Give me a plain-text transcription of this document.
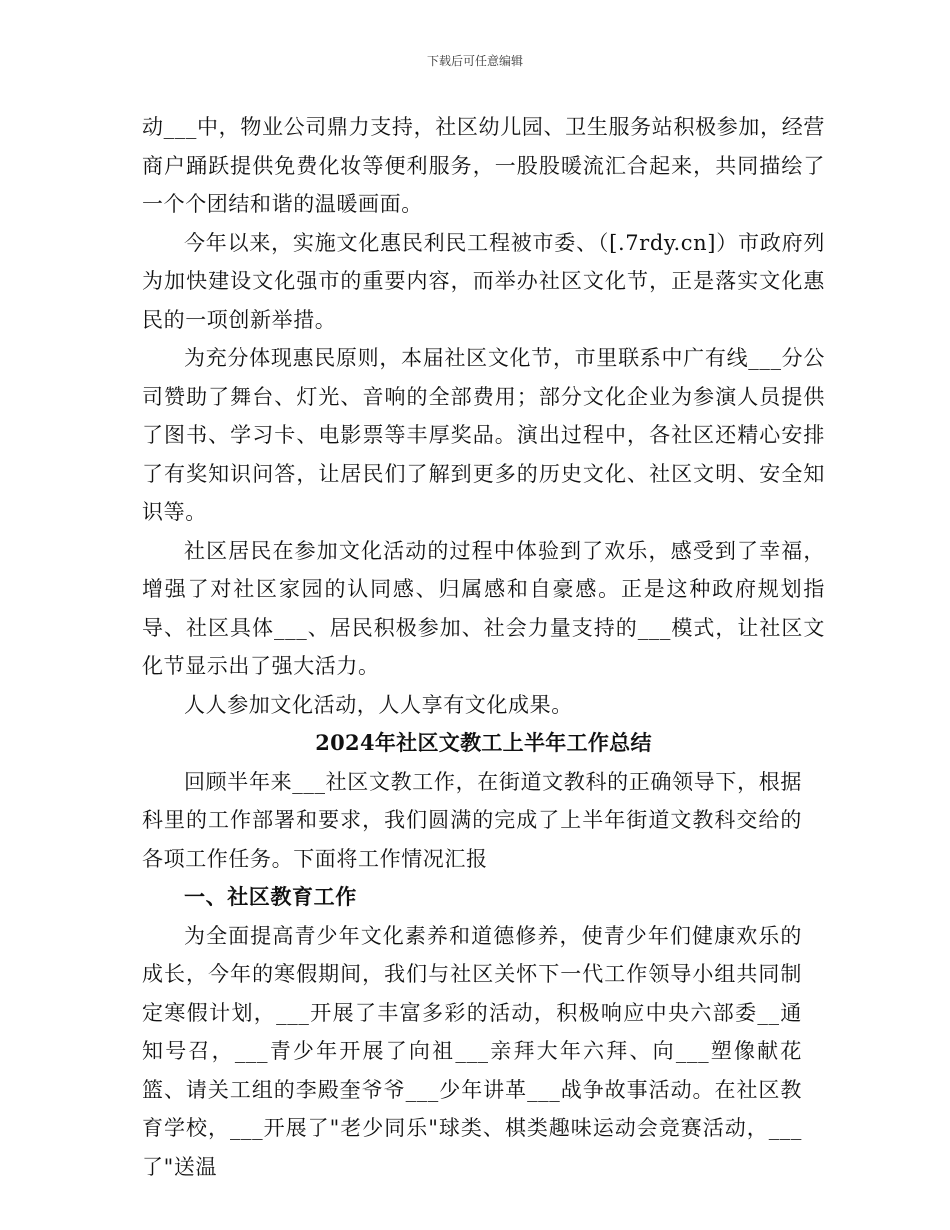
下载后可任意编辑

动___中，物业公司鼎力支持，社区幼儿园、卫生服务站积极参加，经营商户踊跃提供免费化妆等便利服务，一股股暖流汇合起来，共同描绘了一个个团结和谐的温暖画面。

今年以来，实施文化惠民利民工程被市委、（[.7rdy.cn]）市政府列为加快建设文化强市的重要内容，而举办社区文化节，正是落实文化惠民的一项创新举措。

为充分体现惠民原则，本届社区文化节，市里联系中广有线___分公司赞助了舞台、灯光、音响的全部费用；部分文化企业为参演人员提供了图书、学习卡、电影票等丰厚奖品。演出过程中，各社区还精心安排了有奖知识问答，让居民们了解到更多的历史文化、社区文明、安全知识等。

社区居民在参加文化活动的过程中体验到了欢乐，感受到了幸福，增强了对社区家园的认同感、归属感和自豪感。正是这种政府规划指导、社区具体___、居民积极参加、社会力量支持的___模式，让社区文化节显示出了强大活力。

人人参加文化活动，人人享有文化成果。

2024年社区文教工上半年工作总结

回顾半年来___社区文教工作，在街道文教科的正确领导下，根据科里的工作部署和要求，我们圆满的完成了上半年街道文教科交给的各项工作任务。下面将工作情况汇报

一、社区教育工作

为全面提高青少年文化素养和道德修养，使青少年们健康欢乐的成长，今年的寒假期间，我们与社区关怀下一代工作领导小组共同制定寒假计划，___开展了丰富多彩的活动，积极响应中央六部委__通知号召，___青少年开展了向祖___亲拜大年六拜、向___塑像献花篮、请关工组的李殿奎爷爷___少年讲革___战争故事活动。在社区教育学校，___开展了"老少同乐"球类、棋类趣味运动会竞赛活动，___了"送温
